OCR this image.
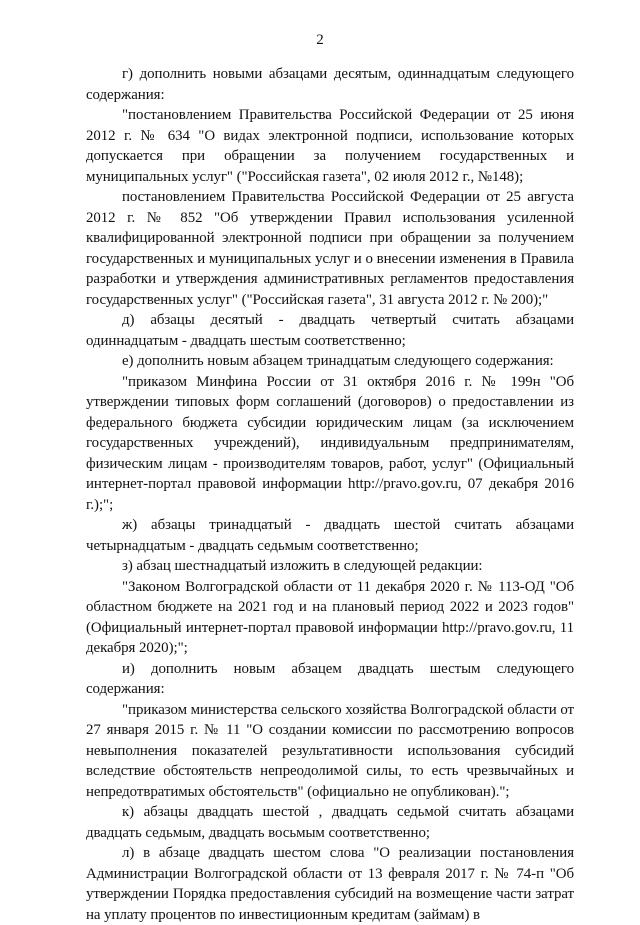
2

г) дополнить новыми абзацами десятым, одиннадцатым следующего содержания:

"постановлением Правительства Российской Федерации от 25 июня 2012 г. № 634 "О видах электронной подписи, использование которых допускается при обращении за получением государственных и муниципальных услуг" ("Российская газета", 02 июля 2012 г., №148);

постановлением Правительства Российской Федерации от 25 августа 2012 г. № 852 "Об утверждении Правил использования усиленной квалифицированной электронной подписи при обращении за получением государственных и муниципальных услуг и о внесении изменения в Правила разработки и утверждения административных регламентов предоставления государственных услуг" ("Российская газета", 31 августа 2012 г. № 200);"

д) абзацы десятый - двадцать четвертый считать абзацами одиннадцатым - двадцать шестым соответственно;

е) дополнить новым абзацем тринадцатым следующего содержания:

"приказом Минфина России от 31 октября 2016 г. № 199н "Об утверждении типовых форм соглашений (договоров) о предоставлении из федерального бюджета субсидии юридическим лицам (за исключением государственных учреждений), индивидуальным предпринимателям, физическим лицам - производителям товаров, работ, услуг" (Официальный интернет-портал правовой информации http://pravo.gov.ru, 07 декабря 2016 г.);";

ж) абзацы тринадцатый - двадцать шестой считать абзацами четырнадцатым - двадцать седьмым соответственно;

з) абзац шестнадцатый изложить в следующей редакции:

"Законом Волгоградской области от 11 декабря 2020 г. № 113-ОД "Об областном бюджете на 2021 год и на плановый период 2022 и 2023 годов" (Официальный интернет-портал правовой информации http://pravo.gov.ru, 11 декабря 2020);";

и) дополнить новым абзацем двадцать шестым следующего содержания:

"приказом министерства сельского хозяйства Волгоградской области от 27 января 2015 г. № 11 "О создании комиссии по рассмотрению вопросов невыполнения показателей результативности использования субсидий вследствие обстоятельств непреодолимой силы, то есть чрезвычайных и непредотвратимых обстоятельств" (официально не опубликован).";

к) абзацы двадцать шестой , двадцать седьмой считать абзацами двадцать седьмым, двадцать восьмым соответственно;

л) в абзаце двадцать шестом слова "О реализации постановления Администрации Волгоградской области от 13 февраля 2017 г. № 74-п "Об утверждении Порядка предоставления субсидий на возмещение части затрат на уплату процентов по инвестиционным кредитам (займам) в
